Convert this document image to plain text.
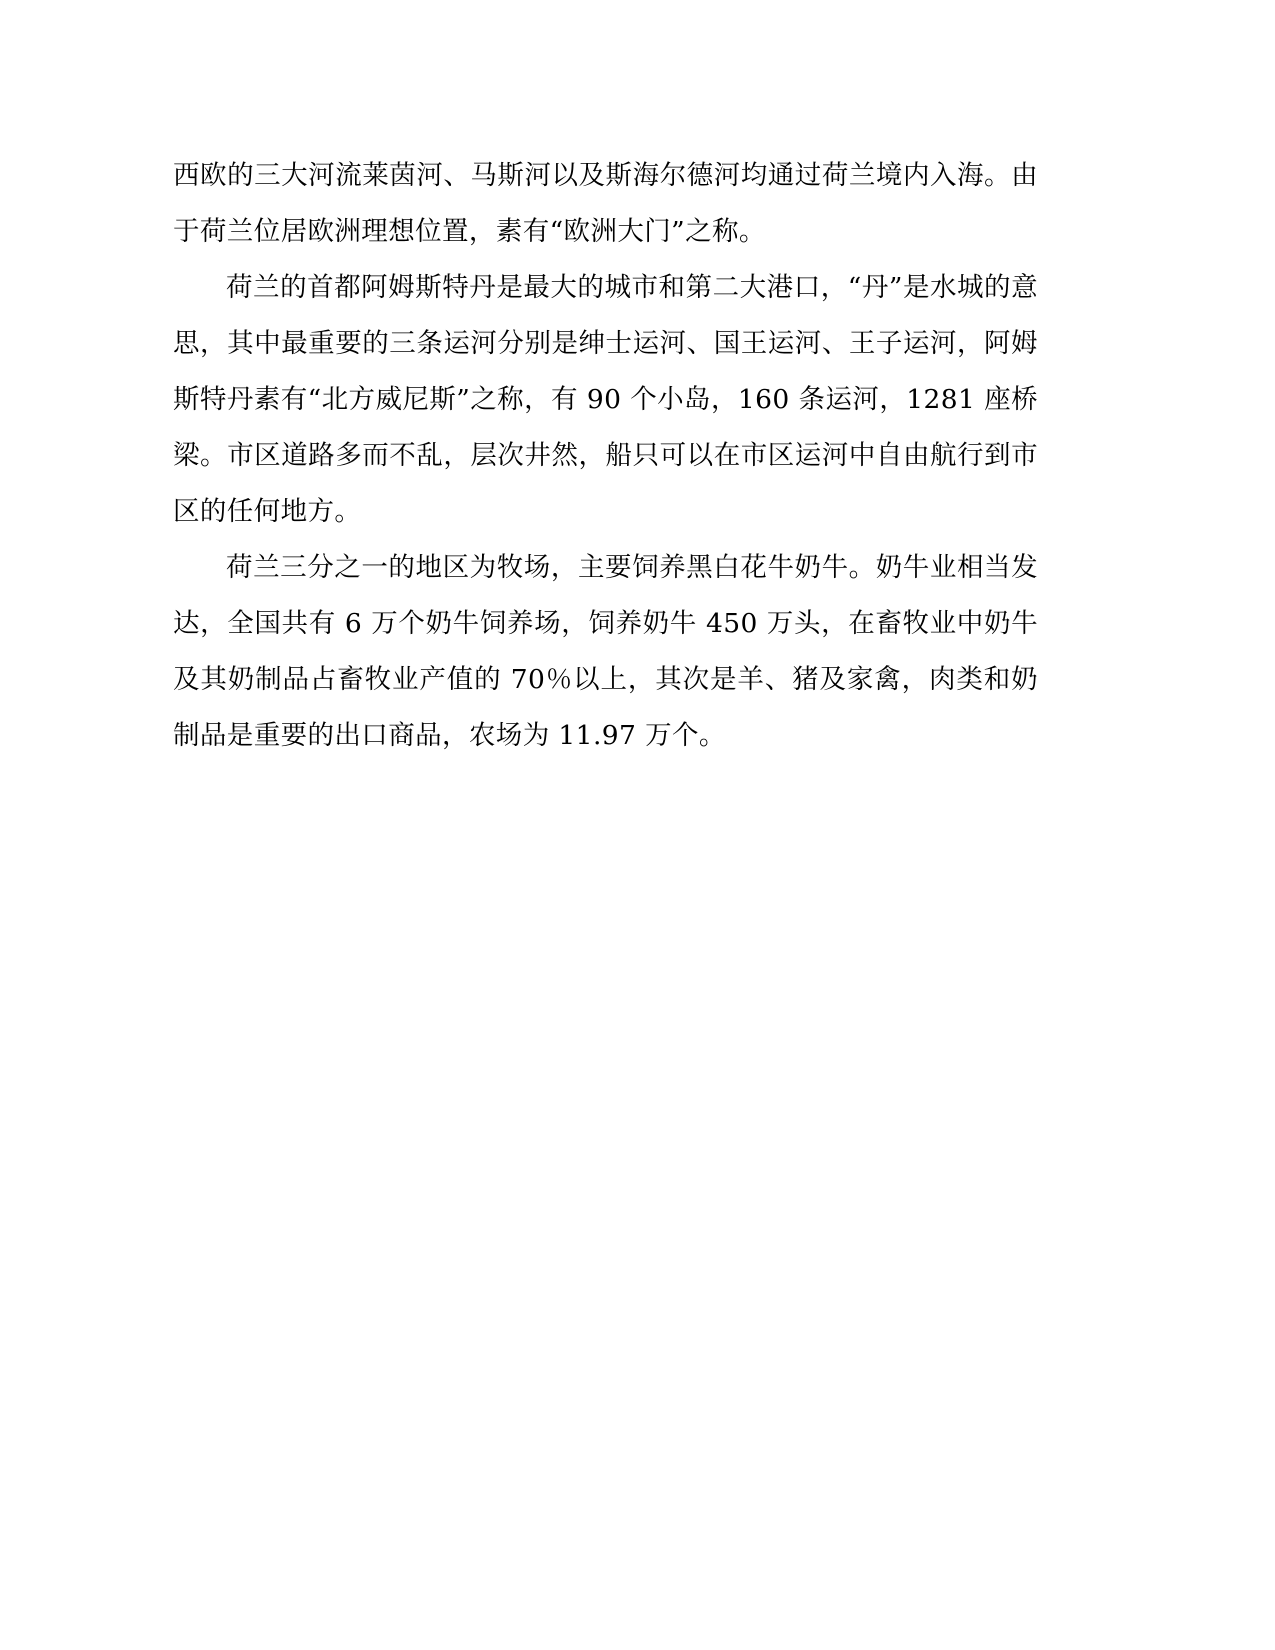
西欧的三大河流莱茵河、马斯河以及斯海尔德河均通过荷兰境内入海。由于荷兰位居欧洲理想位置，素有“欧洲大门”之称。

荷兰的首都阿姆斯特丹是最大的城市和第二大港口，“丹”是水城的意思，其中最重要的三条运河分别是绅士运河、国王运河、王子运河，阿姆斯特丹素有“北方威尼斯”之称，有 90 个小岛，160 条运河，1281 座桥梁。市区道路多而不乱，层次井然，船只可以在市区运河中自由航行到市区的任何地方。

荷兰三分之一的地区为牧场，主要饲养黑白花牛奶牛。奶牛业相当发达，全国共有 6 万个奶牛饲养场，饲养奶牛 450 万头，在畜牧业中奶牛及其奶制品占畜牧业产值的 70％以上，其次是羊、猪及家禽，肉类和奶制品是重要的出口商品，农场为 11.97 万个。
